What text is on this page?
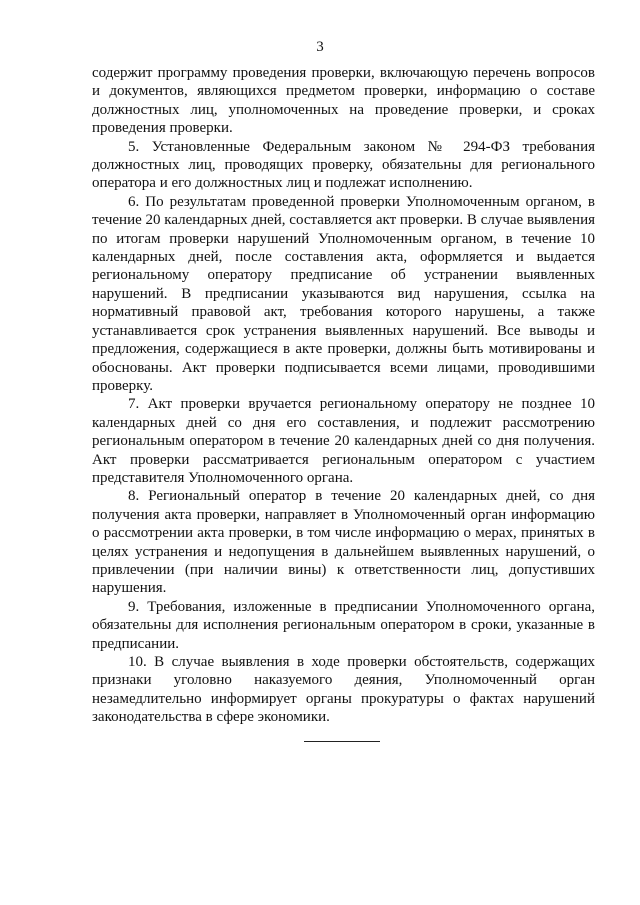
3

содержит программу проведения проверки, включающую перечень вопросов и документов, являющихся предметом проверки, информацию о составе должностных лиц, уполномоченных на проведение проверки, и сроках проведения проверки.

5. Установленные Федеральным законом № 294-ФЗ требования должностных лиц, проводящих проверку, обязательны для регионального оператора и его должностных лиц и подлежат исполнению.

6. По результатам проведенной проверки Уполномоченным органом, в течение 20 календарных дней, составляется акт проверки. В случае выявления по итогам проверки нарушений Уполномоченным органом, в течение 10 календарных дней, после составления акта, оформляется и выдается региональному оператору предписание об устранении выявленных нарушений. В предписании указываются вид нарушения, ссылка на нормативный правовой акт, требования которого нарушены, а также устанавливается срок устранения выявленных нарушений. Все выводы и предложения, содержащиеся в акте проверки, должны быть мотивированы и обоснованы. Акт проверки подписывается всеми лицами, проводившими проверку.

7. Акт проверки вручается региональному оператору не позднее 10 календарных дней со дня его составления, и подлежит рассмотрению региональным оператором в течение 20 календарных дней со дня получения. Акт проверки рассматривается региональным оператором с участием представителя Уполномоченного органа.

8. Региональный оператор в течение 20 календарных дней, со дня получения акта проверки, направляет в Уполномоченный орган информацию о рассмотрении акта проверки, в том числе информацию о мерах, принятых в целях устранения и недопущения в дальнейшем выявленных нарушений, о привлечении (при наличии вины) к ответственности лиц, допустивших нарушения.

9. Требования, изложенные в предписании Уполномоченного органа, обязательны для исполнения региональным оператором в сроки, указанные в предписании.

10. В случае выявления в ходе проверки обстоятельств, содержащих признаки уголовно наказуемого деяния, Уполномоченный орган незамедлительно информирует органы прокуратуры о фактах нарушений законодательства в сфере экономики.
